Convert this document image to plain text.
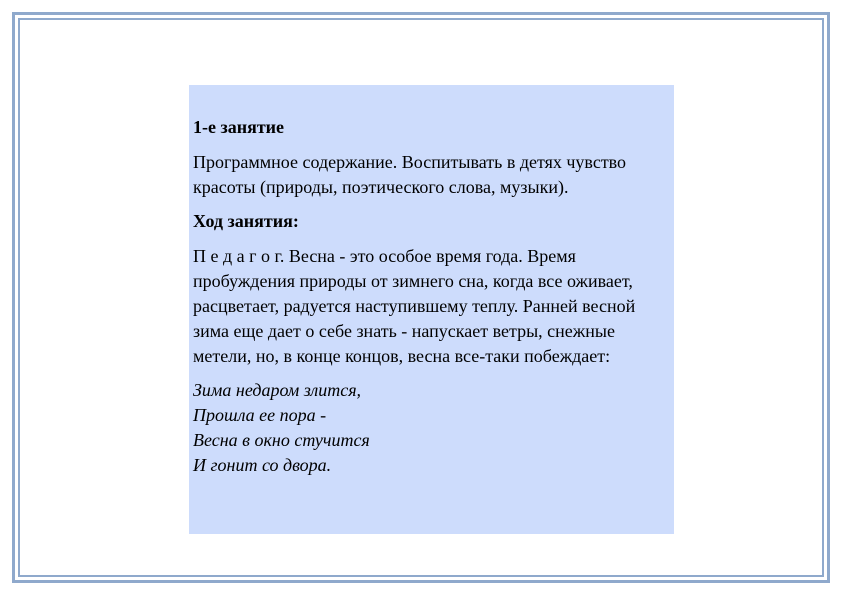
1-е занятие

Программное содержание. Воспитывать в детях чувство красоты (природы, поэтического слова, музыки).

Ход занятия:

П е д а г о г. Весна - это особое время года. Время пробуждения природы от зимнего сна, когда все оживает, расцветает, радуется наступившему теплу. Ранней весной зима еще дает о себе знать - напускает ветры, снежные метели, но, в конце концов, весна все-таки побеждает:

Зима недаром злится,
Прошла ее пора -
Весна в окно стучится
И гонит со двора.
